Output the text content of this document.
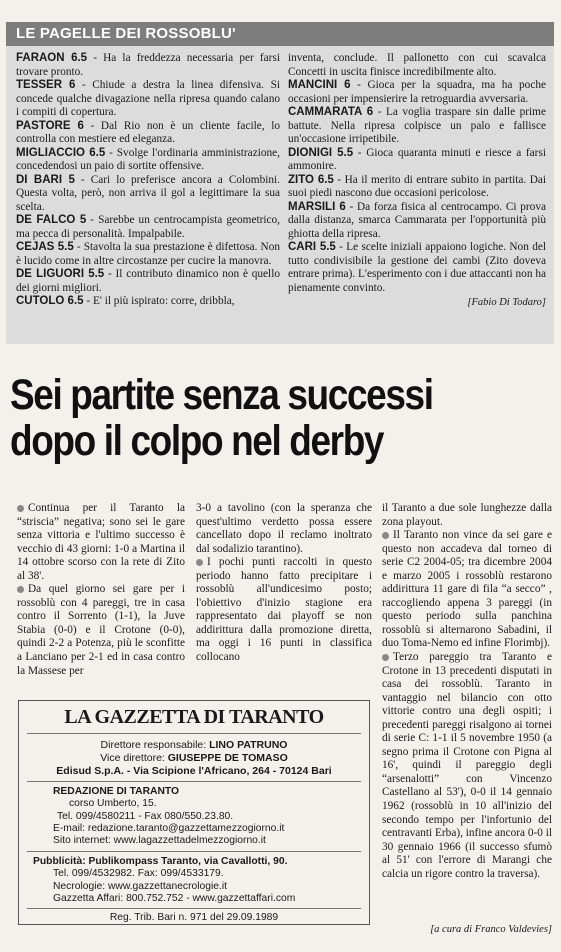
LE PAGELLE DEI ROSSOBLU'

FARAON 6.5 - Ha la freddezza necessaria per farsi trovare pronto.

TESSER 6 - Chiude a destra la linea difensiva. Si concede qualche divagazione nella ripresa quando calano i compiti di copertura.

PASTORE 6 - Dal Rio non è un cliente facile, lo controlla con mestiere ed eleganza.

MIGLIACCIO 6.5 - Svolge l'ordinaria amministrazione, concedendosi un paio di sortite offensive.

DI BARI 5 - Cari lo preferisce ancora a Colombini. Questa volta, però, non arriva il gol a legittimare la sua scelta.

DE FALCO 5 - Sarebbe un centrocampista geometrico, ma pecca di personalità. Impalpabile.

CEJAS 5.5 - Stavolta la sua prestazione è difettosa. Non è lucido come in altre circostanze per cucire la manovra.

DE LIGUORI 5.5 - Il contributo dinamico non è quello dei giorni migliori.

CUTOLO 6.5 - E' il più ispirato: corre, dribbla,

inventa, conclude. Il pallonetto con cui scavalca Concetti in uscita finisce incredibilmente alto.

MANCINI 6 - Gioca per la squadra, ma ha poche occasioni per impensierire la retroguardia avversaria.

CAMMARATA 6 - La voglia traspare sin dalle prime battute. Nella ripresa colpisce un palo e fallisce un'occasione irripetibile.

DIONIGI 5.5 - Gioca quaranta minuti e riesce a farsi ammonire.

ZITO 6.5 - Ha il merito di entrare subito in partita. Dai suoi piedi nascono due occasioni pericolose.

MARSILI 6 - Da forza fisica al centrocampo. Ci prova dalla distanza, smarca Cammarata per l'opportunità più ghiotta della ripresa.

CARI 5.5 - Le scelte iniziali appaiono logiche. Non del tutto condivisibile la gestione dei cambi (Zito doveva entrare prima). L'esperimento con i due attaccanti non ha pienamente convinto.

[Fabio Di Todaro]
Sei partite senza successi
dopo il colpo nel derby

Continua per il Taranto la “striscia” negativa; sono sei le gare senza vittoria e l'ultimo successo è vecchio di 43 giorni: 1-0 a Martina il 14 ottobre scorso con la rete di Zito al 38'.

Da quel giorno sei gare per i rossoblù con 4 pareggi, tre in casa contro il Sorrento (1-1), la Juve Stabia (0-0) e il Crotone (0-0), quindi 2-2 a Potenza, più le sconfitte a Lanciano per 2-1 ed in casa contro la Massese per

3-0 a tavolino (con la speranza che quest'ultimo verdetto possa essere cancellato dopo il reclamo inoltrato dal sodalizio tarantino).

I pochi punti raccolti in questo periodo hanno fatto precipitare i rossoblù all'undicesimo posto; l'obiettivo d'inizio stagione era rappresentato dai playoff se non addirittura dalla promozione diretta, ma oggi i 16 punti in classifica collocano

il Taranto a due sole lunghezze dalla zona playout.

Il Taranto non vince da sei gare e questo non accadeva dal torneo di serie C2 2004-05; tra dicembre 2004 e marzo 2005 i rossoblù restarono addirittura 11 gare di fila “a secco” , raccogliendo appena 3 pareggi (in questo periodo sulla panchina rossoblù si alternarono Sabadini, il duo Toma-Nemo ed infine Florimbj).

Terzo pareggio tra Taranto e Crotone in 13 precedenti disputati in casa dei rossoblù. Taranto in vantaggio nel bilancio con otto vittorie contro una degli ospiti; i precedenti pareggi risalgono ai tornei di serie C: 1-1 il 5 novembre 1950 (a segno prima il Crotone con Pigna al 16', quindi il pareggio degli “arsenalotti” con Vincenzo Castellano al 53'), 0-0 il 14 gennaio 1962 (rossoblù in 10 all'inizio del secondo tempo per l'infortunio del centravanti Erba), infine ancora 0-0 il 30 gennaio 1966 (il successo sfumò al 51' con l'errore di Marangi che calcia un rigore contro la traversa).

[a cura di Franco Valdevies]
LA GAZZETTA DI TARANTO
Direttore responsabile: LINO PATRUNO
Vice direttore: GIUSEPPE DE TOMASO
Edisud S.p.A. - Via Scipione l'Africano, 264 - 70124 Bari
REDAZIONE DI TARANTO
corso Umberto, 15.
Tel. 099/4580211 - Fax 080/550.23.80.
E-mail: redazione.taranto@gazzettamezzogiorno.it
Sito internet: www.lagazzettadelmezzogiorno.it
Pubblicità: Publikompass Taranto, via Cavallotti, 90.
Tel. 099/4532982. Fax: 099/4533179.
Necrologie: www.gazzettanecrologie.it
Gazzetta Affari: 800.752.752 - www.gazzettaffari.com
Reg. Trib. Bari n. 971 del 29.09.1989
